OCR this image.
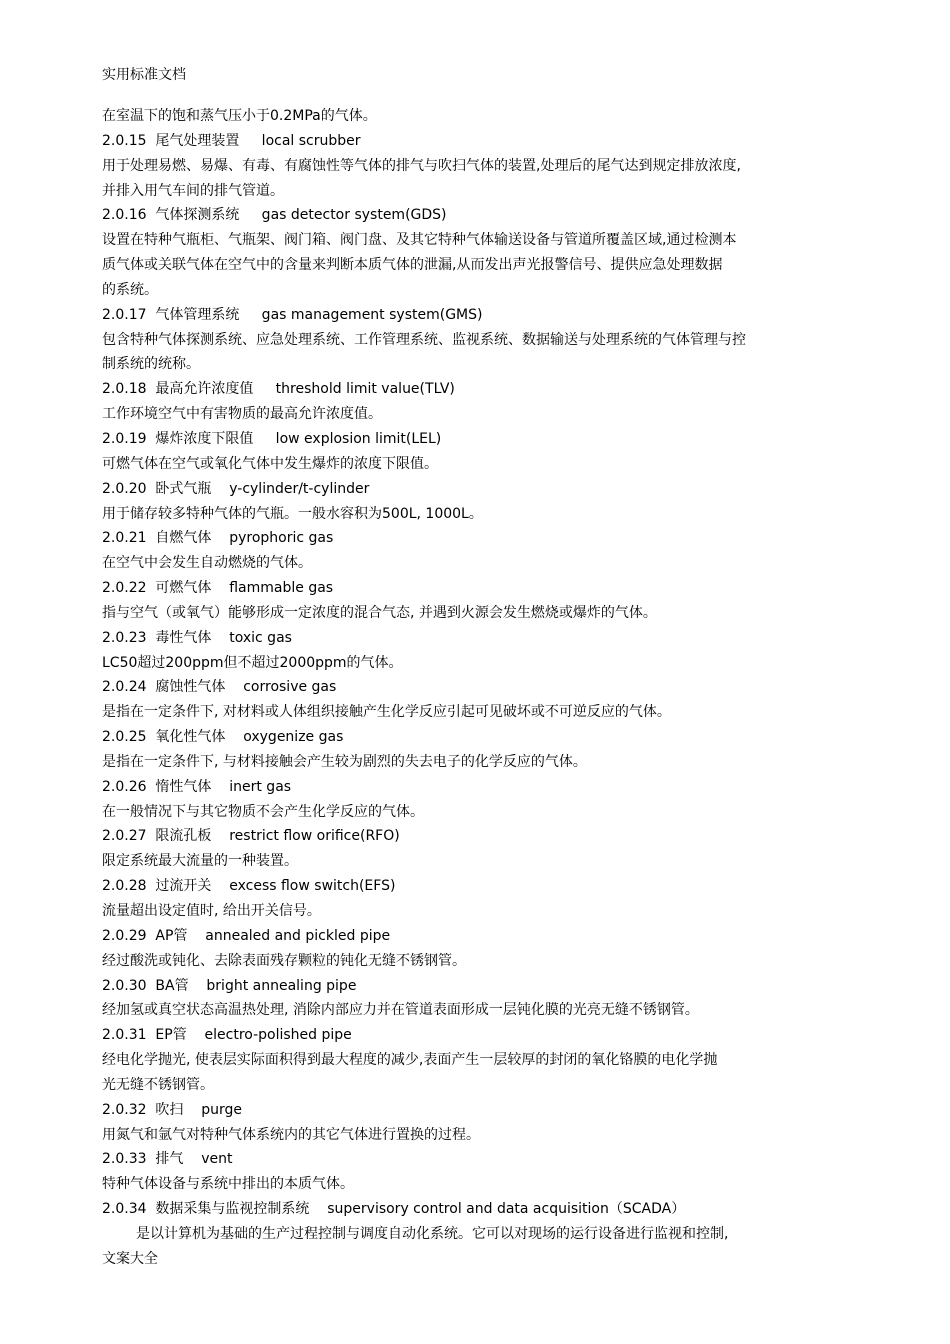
实用标准文档
在室温下的饱和蒸气压小于0.2MPa的气体。
2.0.15  尾气处理装置     local scrubber
用于处理易燃、易爆、有毒、有腐蚀性等气体的排气与吹扫气体的装置,处理后的尾气达到规定排放浓度,
并排入用气车间的排气管道。
2.0.16  气体探测系统     gas detector system(GDS)
设置在特种气瓶柜、气瓶架、阀门箱、阀门盘、及其它特种气体输送设备与管道所覆盖区域,通过检测本
质气体或关联气体在空气中的含量来判断本质气体的泄漏,从而发出声光报警信号、提供应急处理数据
的系统。
2.0.17  气体管理系统     gas management system(GMS)
包含特种气体探测系统、应急处理系统、工作管理系统、监视系统、数据输送与处理系统的气体管理与控
制系统的统称。
2.0.18  最高允许浓度值     threshold limit value(TLV)
工作环境空气中有害物质的最高允许浓度值。
2.0.19  爆炸浓度下限值     low explosion limit(LEL)
可燃气体在空气或氧化气体中发生爆炸的浓度下限值。
2.0.20  卧式气瓶    y-cylinder/t-cylinder
用于储存较多特种气体的气瓶。一般水容积为500L, 1000L。
2.0.21  自燃气体    pyrophoric gas
在空气中会发生自动燃烧的气体。
2.0.22  可燃气体    flammable gas
指与空气（或氧气）能够形成一定浓度的混合气态, 并遇到火源会发生燃烧或爆炸的气体。
2.0.23  毒性气体    toxic gas
LC50超过200ppm但不超过2000ppm的气体。
2.0.24  腐蚀性气体    corrosive gas
是指在一定条件下, 对材料或人体组织接触产生化学反应引起可见破坏或不可逆反应的气体。
2.0.25  氧化性气体    oxygenize gas
是指在一定条件下, 与材料接触会产生较为剧烈的失去电子的化学反应的气体。
2.0.26  惰性气体    inert gas
在一般情况下与其它物质不会产生化学反应的气体。
2.0.27  限流孔板    restrict flow orifice(RFO)
限定系统最大流量的一种装置。
2.0.28  过流开关    excess flow switch(EFS)
流量超出设定值时, 给出开关信号。
2.0.29  AP管    annealed and pickled pipe
经过酸洗或钝化、去除表面残存颗粒的钝化无缝不锈钢管。
2.0.30  BA管    bright annealing pipe
经加氢或真空状态高温热处理, 消除内部应力并在管道表面形成一层钝化膜的光亮无缝不锈钢管。
2.0.31  EP管    electro-polished pipe
经电化学抛光, 使表层实际面积得到最大程度的减少,表面产生一层较厚的封闭的氧化铬膜的电化学抛
光无缝不锈钢管。
2.0.32  吹扫    purge
用氮气和氩气对特种气体系统内的其它气体进行置换的过程。
2.0.33  排气    vent
特种气体设备与系统中排出的本质气体。
2.0.34  数据采集与监视控制系统    supervisory control and data acquisition（SCADA）
是以计算机为基础的生产过程控制与调度自动化系统。它可以对现场的运行设备进行监视和控制,
文案大全
